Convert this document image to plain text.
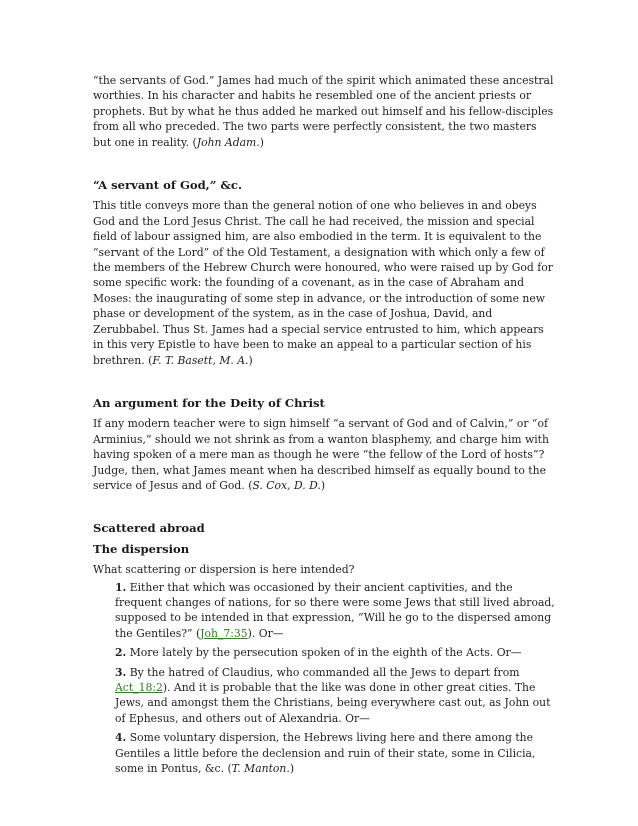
“the servants of God.” James had much of the spirit which animated these ancestral worthies. In his character and habits he resembled one of the ancient priests or prophets. But by what he thus added he marked out himself and his fellow-disciples from all who preceded. The two parts were perfectly consistent, the two masters but one in reality. (John Adam.)

“A servant of God,” &c.

This title conveys more than the general notion of one who believes in and obeys God and the Lord Jesus Christ. The call he had received, the mission and special field of labour assigned him, are also embodied in the term. It is equivalent to the “servant of the Lord” of the Old Testament, a designation with which only a few of the members of the Hebrew Church were honoured, who were raised up by God for some specific work: the founding of a covenant, as in the case of Abraham and Moses: the inaugurating of some step in advance, or the introduction of some new phase or development of the system, as in the case of Joshua, David, and Zerubbabel. Thus St. James had a special service entrusted to him, which appears in this very Epistle to have been to make an appeal to a particular section of his brethren. (F. T. Basett, M. A.)

An argument for the Deity of Christ

If any modern teacher were to sign himself “a servant of God and of Calvin,” or “of Arminius,” should we not shrink as from a wanton blasphemy, and charge him with having spoken of a mere man as though he were “the fellow of the Lord of hosts”? Judge, then, what James meant when ha described himself as equally bound to the service of Jesus and of God. (S. Cox, D. D.)

Scattered abroad
The dispersion

What scattering or dispersion is here intended?

1. Either that which was occasioned by their ancient captivities, and the frequent changes of nations, for so there were some Jews that still lived abroad, supposed to be intended in that expression, “Will he go to the dispersed among the Gentiles?” (Joh_7:35). Or—

2. More lately by the persecution spoken of in the eighth of the Acts. Or—

3. By the hatred of Claudius, who commanded all the Jews to depart from Act_18:2). And it is probable that the like was done in other great cities. The Jews, and amongst them the Christians, being everywhere cast out, as John out of Ephesus, and others out of Alexandria. Or—

4. Some voluntary dispersion, the Hebrews living here and there among the Gentiles a little before the declension and ruin of their state, some in Cilicia, some in Pontus, &c. (T. Manton.)
